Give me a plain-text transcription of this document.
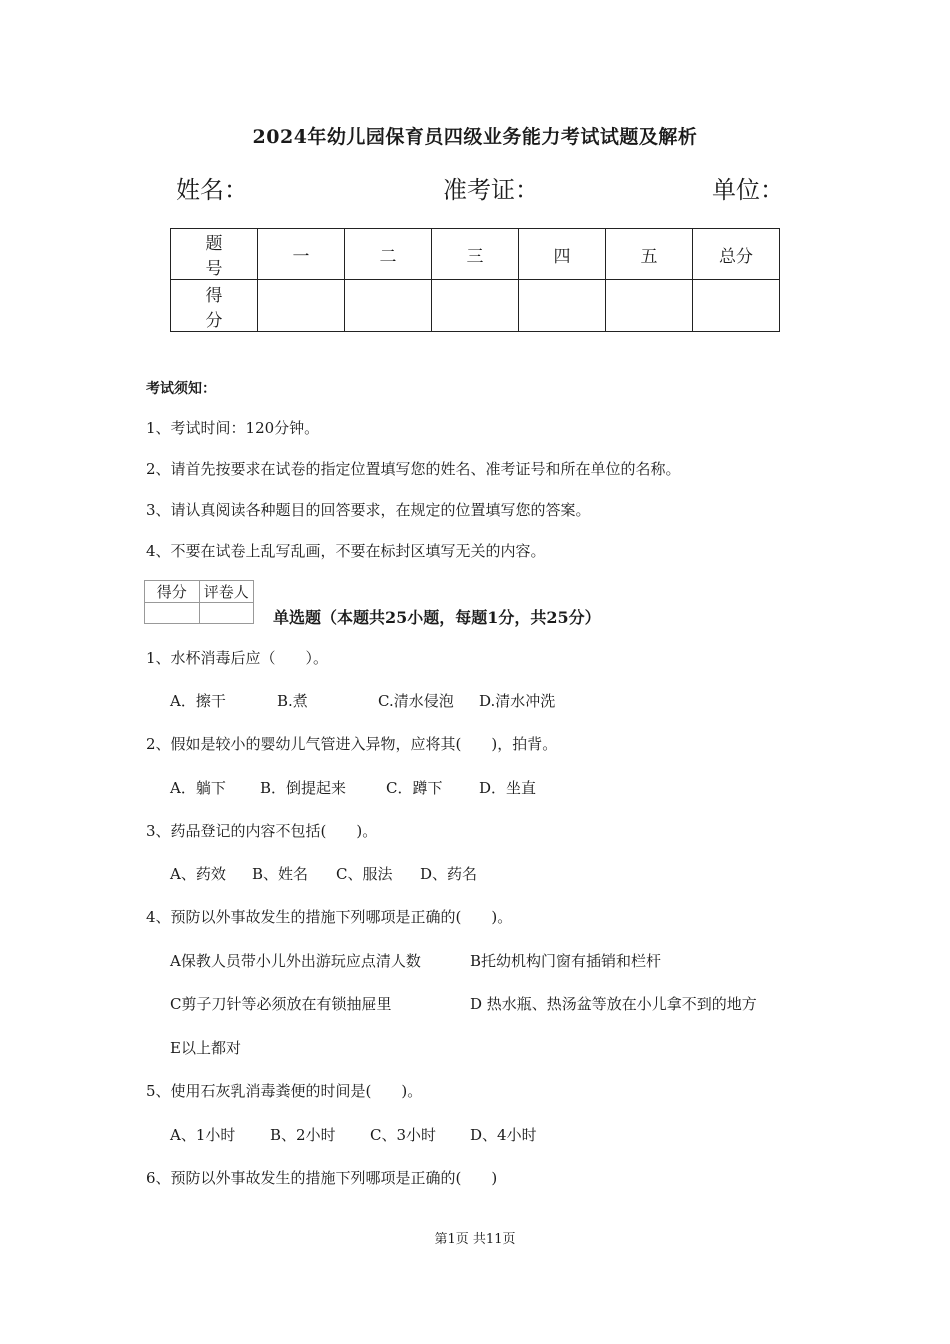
2024年幼儿园保育员四级业务能力考试试题及解析
姓名：	准考证：	单位：
题 号	一	二	三	四	五	总分
得 分						
考试须知：
1、考试时间：120分钟。
2、请首先按要求在试卷的指定位置填写您的姓名、准考证号和所在单位的名称。
3、请认真阅读各种题目的回答要求，在规定的位置填写您的答案。
4、不要在试卷上乱写乱画，不要在标封区填写无关的内容。
得分	评卷人

单选题（本题共25小题，每题1分，共25分）
1、水杯消毒后应（　　）。
A．擦干	B.煮	C.清水侵泡 D.清水冲洗
2、假如是较小的婴幼儿气管进入异物，应将其(　　)，拍背。
A．躺下 B．倒提起来	C．蹲下 D．坐直
3、药品登记的内容不包括(　　)。
A、药效 B、姓名 C、服法 D、药名
4、预防以外事故发生的措施下列哪项是正确的(　　)。
A保教人员带小儿外出游玩应点清人数	B托幼机构门窗有插销和栏杆
C剪子刀针等必须放在有锁抽屉里	D 热水瓶、热汤盆等放在小儿拿不到的地方
E以上都对
5、使用石灰乳消毒粪便的时间是(　　)。
A、1小时 B、2小时 C、3小时 D、4小时
6、预防以外事故发生的措施下列哪项是正确的(　　)
第1页 共11页
